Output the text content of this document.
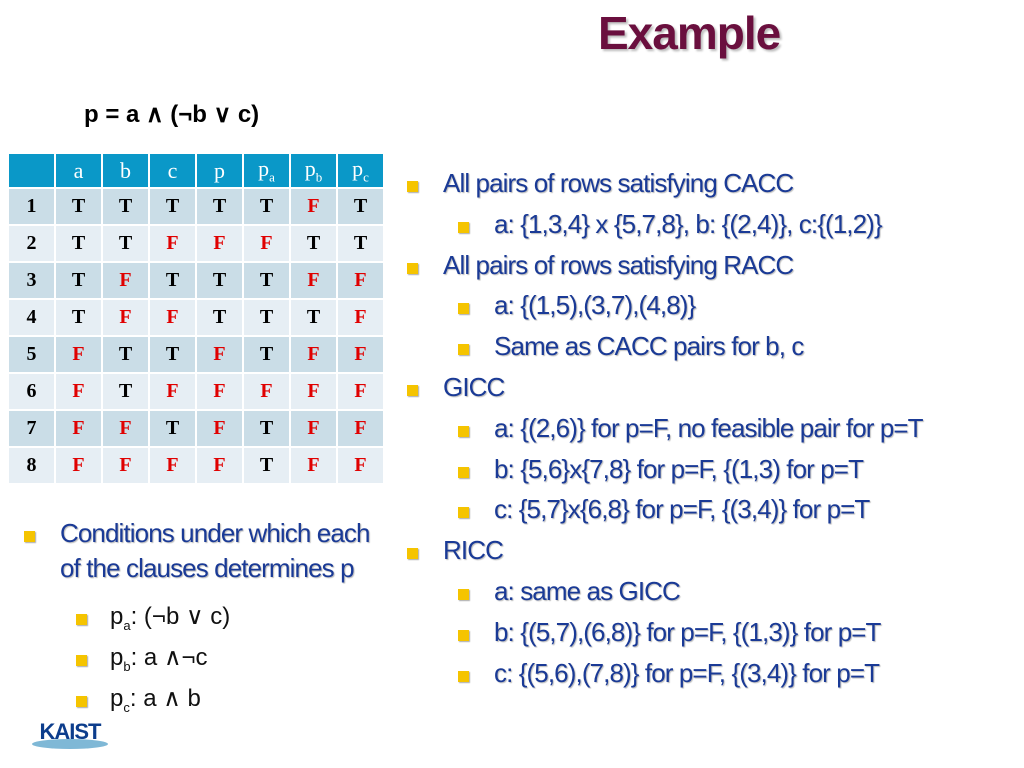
Example
p = a ∧ (¬b ∨ c)
	a	b	c	p	$p_a$	$p_b$	$p_c$
1	T	T	T	T	T	F	T
2	T	T	F	F	F	T	T
3	T	F	T	T	T	F	F
4	T	F	F	T	T	T	F
5	F	T	T	F	T	F	F
6	F	T	F	F	F	F	F
7	F	F	T	F	T	F	F
8	F	F	F	F	T	F	F
Conditions under which each
of the clauses determines p
$p_a$: (¬b ∨ c)
$p_b$: a ∧¬c
$p_c$: a ∧ b
All pairs of rows satisfying CACC
a: {1,3,4} x {5,7,8}, b: {(2,4)}, c:{(1,2)}
All pairs of rows satisfying RACC
a: {(1,5),(3,7),(4,8)}
Same as CACC pairs for b, c
GICC
a: {(2,6)} for p=F, no feasible pair for p=T
b: {5,6}x{7,8} for p=F, {(1,3) for p=T
c: {5,7}x{6,8} for p=F, {(3,4)} for p=T
RICC
a: same as GICC
b: {(5,7),(6,8)} for p=F, {(1,3)} for p=T
c: {(5,6),(7,8)} for p=F, {(3,4)} for p=T
KAIST
